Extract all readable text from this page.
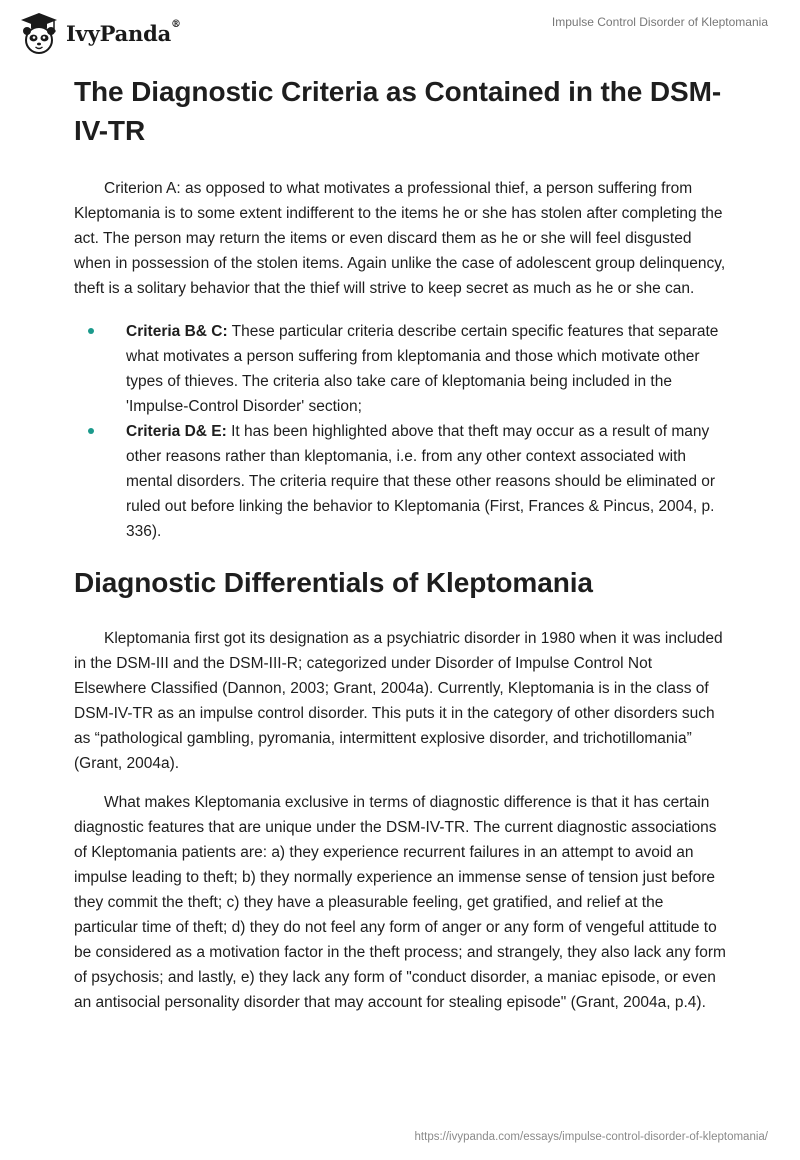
IvyPanda®	Impulse Control Disorder of Kleptomania
The Diagnostic Criteria as Contained in the DSM-IV-TR

Criterion A: as opposed to what motivates a professional thief, a person suffering from Kleptomania is to some extent indifferent to the items he or she has stolen after completing the act. The person may return the items or even discard them as he or she will feel disgusted when in possession of the stolen items. Again unlike the case of adolescent group delinquency, theft is a solitary behavior that the thief will strive to keep secret as much as he or she can.

Criteria B& C: These particular criteria describe certain specific features that separate what motivates a person suffering from kleptomania and those which motivate other types of thieves. The criteria also take care of kleptomania being included in the 'Impulse-Control Disorder' section;
Criteria D& E: It has been highlighted above that theft may occur as a result of many other reasons rather than kleptomania, i.e. from any other context associated with mental disorders. The criteria require that these other reasons should be eliminated or ruled out before linking the behavior to Kleptomania (First, Frances & Pincus, 2004, p. 336).
Diagnostic Differentials of Kleptomania

Kleptomania first got its designation as a psychiatric disorder in 1980 when it was included in the DSM-III and the DSM-III-R; categorized under Disorder of Impulse Control Not Elsewhere Classified (Dannon, 2003; Grant, 2004a). Currently, Kleptomania is in the class of DSM-IV-TR as an impulse control disorder. This puts it in the category of other disorders such as “pathological gambling, pyromania, intermittent explosive disorder, and trichotillomania” (Grant, 2004a).

What makes Kleptomania exclusive in terms of diagnostic difference is that it has certain diagnostic features that are unique under the DSM-IV-TR. The current diagnostic associations of Kleptomania patients are: a) they experience recurrent failures in an attempt to avoid an impulse leading to theft; b) they normally experience an immense sense of tension just before they commit the theft; c) they have a pleasurable feeling, get gratified, and relief at the particular time of theft; d) they do not feel any form of anger or any form of vengeful attitude to be considered as a motivation factor in the theft process; and strangely, they also lack any form of psychosis; and lastly, e) they lack any form of "conduct disorder, a maniac episode, or even an antisocial personality disorder that may account for stealing episode" (Grant, 2004a, p.4).

https://ivypanda.com/essays/impulse-control-disorder-of-kleptomania/
